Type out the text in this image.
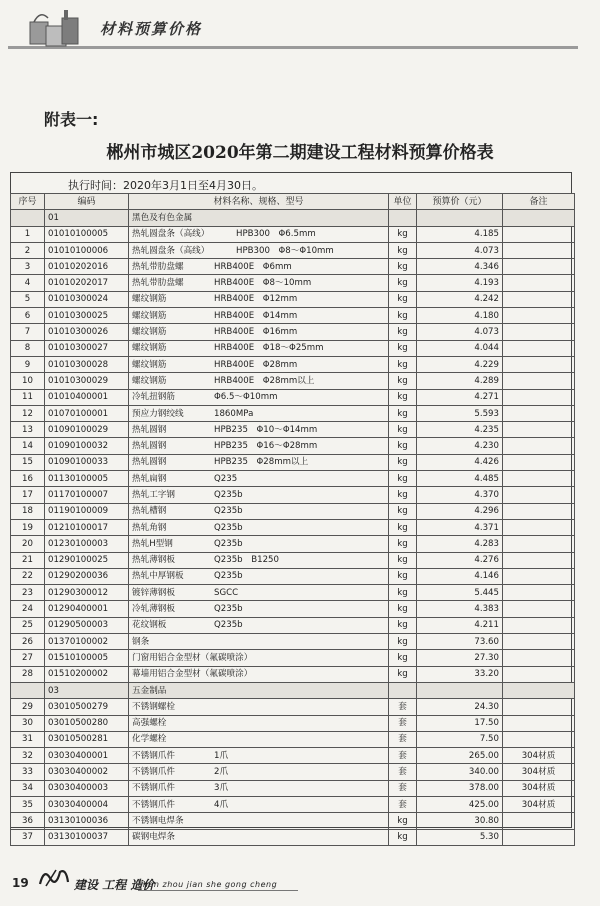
材料预算价格
附表一:
郴州市城区2020年第二期建设工程材料预算价格表
执行时间：2020年3月1日至4月30日。
序号	编码	材料名称、规格、型号	单位	预算价（元）	备注
	01	黑色及有色金属			
1	01010100005	热轧圆盘条（高线） HPB300　Φ6.5mm	kg	4.185	
2	01010100006	热轧圆盘条（高线） HPB300　Φ8～Φ10mm	kg	4.073	
3	01010202016	热轧带肋盘螺 HRB400E　Φ6mm	kg	4.346	
4	01010202017	热轧带肋盘螺 HRB400E　Φ8～10mm	kg	4.193	
5	01010300024	螺纹钢筋 HRB400E　Φ12mm	kg	4.242	
6	01010300025	螺纹钢筋 HRB400E　Φ14mm	kg	4.180	
7	01010300026	螺纹钢筋 HRB400E　Φ16mm	kg	4.073	
8	01010300027	螺纹钢筋 HRB400E　Φ18～Φ25mm	kg	4.044	
9	01010300028	螺纹钢筋 HRB400E　Φ28mm	kg	4.229	
10	01010300029	螺纹钢筋 HRB400E　Φ28mm以上	kg	4.289	
11	01010400001	冷轧扭钢筋 Φ6.5～Φ10mm	kg	4.271	
12	01070100001	预应力钢绞线 1860MPa	kg	5.593	
13	01090100029	热轧圆钢 HPB235　Φ10～Φ14mm	kg	4.235	
14	01090100032	热轧圆钢 HPB235　Φ16～Φ28mm	kg	4.230	
15	01090100033	热轧圆钢 HPB235　Φ28mm以上	kg	4.426	
16	01130100005	热轧扁钢 Q235	kg	4.485	
17	01170100007	热轧工字钢 Q235b	kg	4.370	
18	01190100009	热轧槽钢 Q235b	kg	4.296	
19	01210100017	热轧角钢 Q235b	kg	4.371	
20	01230100003	热轧H型钢 Q235b	kg	4.283	
21	01290100025	热轧薄钢板 Q235b　B1250	kg	4.276	
22	01290200036	热轧中厚钢板 Q235b	kg	4.146	
23	01290300012	镀锌薄钢板 SGCC	kg	5.445	
24	01290400001	冷轧薄钢板 Q235b	kg	4.383	
25	01290500003	花纹钢板 Q235b	kg	4.211	
26	01370100002	钢条	kg	73.60	
27	01510100005	门窗用铝合金型材（氟碳喷涂）	kg	27.30	
28	01510200002	幕墙用铝合金型材（氟碳喷涂）	kg	33.20	
	03	五金制品			
29	03010500279	不锈钢螺栓	套	24.30	
30	03010500280	高强螺栓	套	17.50	
31	03010500281	化学螺栓	套	7.50	
32	03030400001	不锈钢爪件 1爪	套	265.00	304材质
33	03030400002	不锈钢爪件 2爪	套	340.00	304材质
34	03030400003	不锈钢爪件 3爪	套	378.00	304材质
35	03030400004	不锈钢爪件 4爪	套	425.00	304材质
36	03130100036	不锈钢电焊条	kg	30.80	
37	03130100037	碳钢电焊条	kg	5.30	
19	建设 工程 造价
chen zhou jian she gong cheng
